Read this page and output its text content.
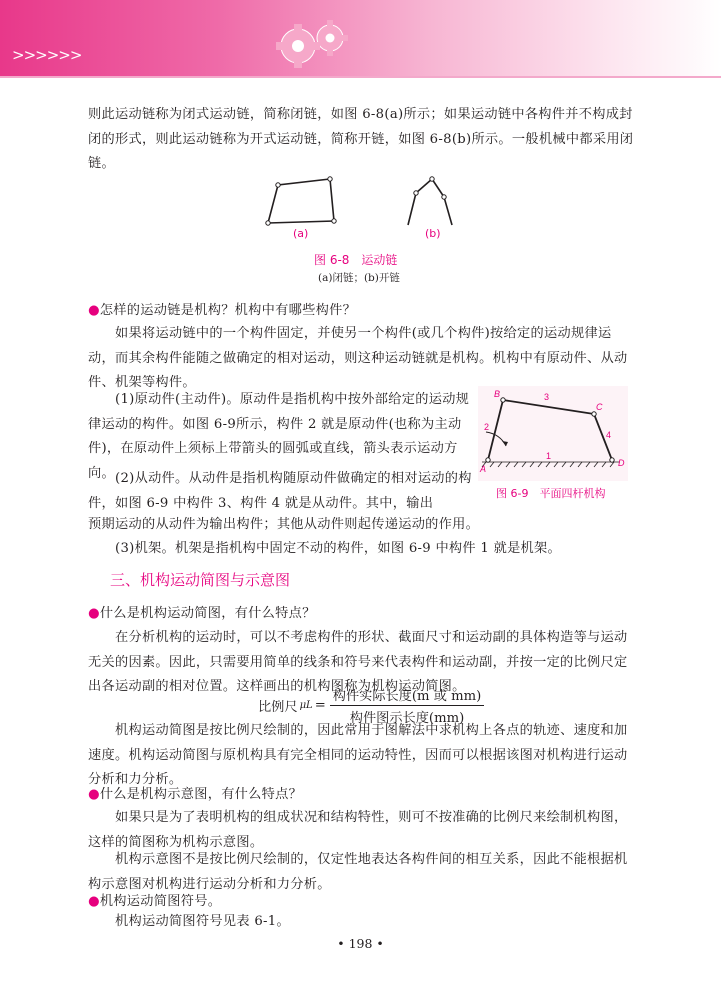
>>>>>>
则此运动链称为闭式运动链，简称闭链，如图 6-8(a)所示；如果运动链中各构件并不构成封闭的形式，则此运动链称为开式运动链，简称开链，如图 6-8(b)所示。一般机械中都采用闭链。
(a)	(b)
图 6-8　运动链
(a)闭链；(b)开链
●怎样的运动链是机构？机构中有哪些构件？
如果将运动链中的一个构件固定，并使另一个构件(或几个构件)按给定的运动规律运动，而其余构件能随之做确定的相对运动，则这种运动链就是机构。机构中有原动件、从动件、机架等构件。
(1)原动件(主动件)。原动件是指机构中按外部给定的运动规律运动的构件。如图 6-9所示，构件 2 就是原动件(也称为主动件)，在原动件上须标上带箭头的圆弧或直线，箭头表示运动方向。 (2)从动件。从动件是指机构随原动件做确定的相对运动的构件，如图 6-9 中构件 3、构件 4 就是从动件。其中，输出
预期运动的从动件为输出构件；其他从动件则起传递运动的作用。
A
B
C
D
1
2
3
4
图 6-9　平面四杆机构
(3)机架。机架是指机构中固定不动的构件，如图 6-9 中构件 1 就是机架。
三、机构运动简图与示意图
●什么是机构运动简图，有什么特点？
在分析机构的运动时，可以不考虑构件的形状、截面尺寸和运动副的具体构造等与运动无关的因素。因此，只需要用简单的线条和符号来代表构件和运动副，并按一定的比例尺定出各运动副的相对位置。这样画出的机构图称为机构运动简图。
比例尺 $\mu L = \frac{\text{构件实际长度(m 或 mm)}}{\text{构件图示长度(mm)}}$
机构运动简图是按比例尺绘制的，因此常用于图解法中求机构上各点的轨迹、速度和加速度。机构运动简图与原机构具有完全相同的运动特性，因而可以根据该图对机构进行运动分析和力分析。
●什么是机构示意图，有什么特点？
如果只是为了表明机构的组成状况和结构特性，则可不按准确的比例尺来绘制机构图，这样的简图称为机构示意图。
机构示意图不是按比例尺绘制的，仅定性地表达各构件间的相互关系，因此不能根据机构示意图对机构进行运动分析和力分析。
●机构运动简图符号。
机构运动简图符号见表 6-1。
• 198 •
